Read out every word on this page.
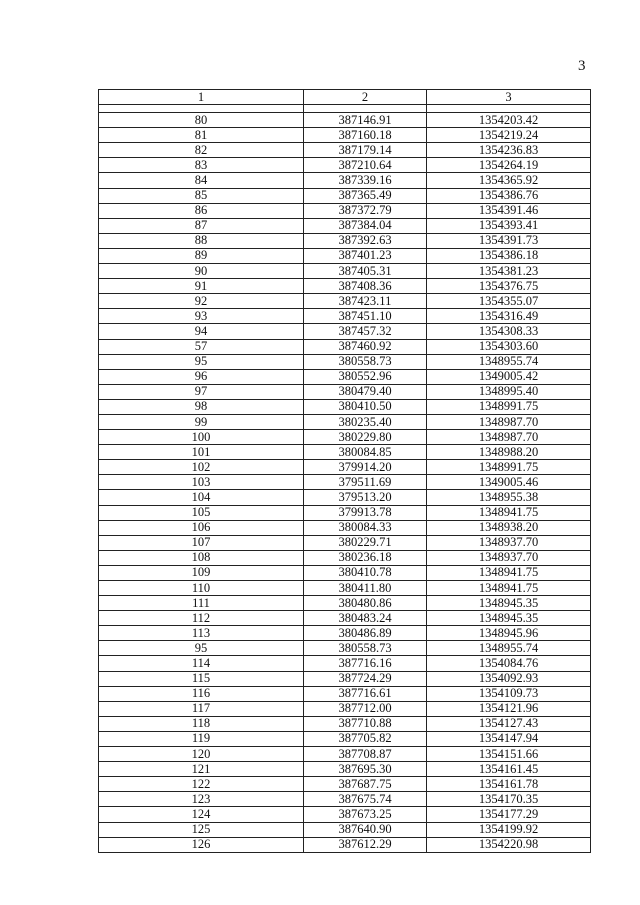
3
1	2	3

80	387146.91	1354203.42
81	387160.18	1354219.24
82	387179.14	1354236.83
83	387210.64	1354264.19
84	387339.16	1354365.92
85	387365.49	1354386.76
86	387372.79	1354391.46
87	387384.04	1354393.41
88	387392.63	1354391.73
89	387401.23	1354386.18
90	387405.31	1354381.23
91	387408.36	1354376.75
92	387423.11	1354355.07
93	387451.10	1354316.49
94	387457.32	1354308.33
57	387460.92	1354303.60
95	380558.73	1348955.74
96	380552.96	1349005.42
97	380479.40	1348995.40
98	380410.50	1348991.75
99	380235.40	1348987.70
100	380229.80	1348987.70
101	380084.85	1348988.20
102	379914.20	1348991.75
103	379511.69	1349005.46
104	379513.20	1348955.38
105	379913.78	1348941.75
106	380084.33	1348938.20
107	380229.71	1348937.70
108	380236.18	1348937.70
109	380410.78	1348941.75
110	380411.80	1348941.75
111	380480.86	1348945.35
112	380483.24	1348945.35
113	380486.89	1348945.96
95	380558.73	1348955.74
114	387716.16	1354084.76
115	387724.29	1354092.93
116	387716.61	1354109.73
117	387712.00	1354121.96
118	387710.88	1354127.43
119	387705.82	1354147.94
120	387708.87	1354151.66
121	387695.30	1354161.45
122	387687.75	1354161.78
123	387675.74	1354170.35
124	387673.25	1354177.29
125	387640.90	1354199.92
126	387612.29	1354220.98
